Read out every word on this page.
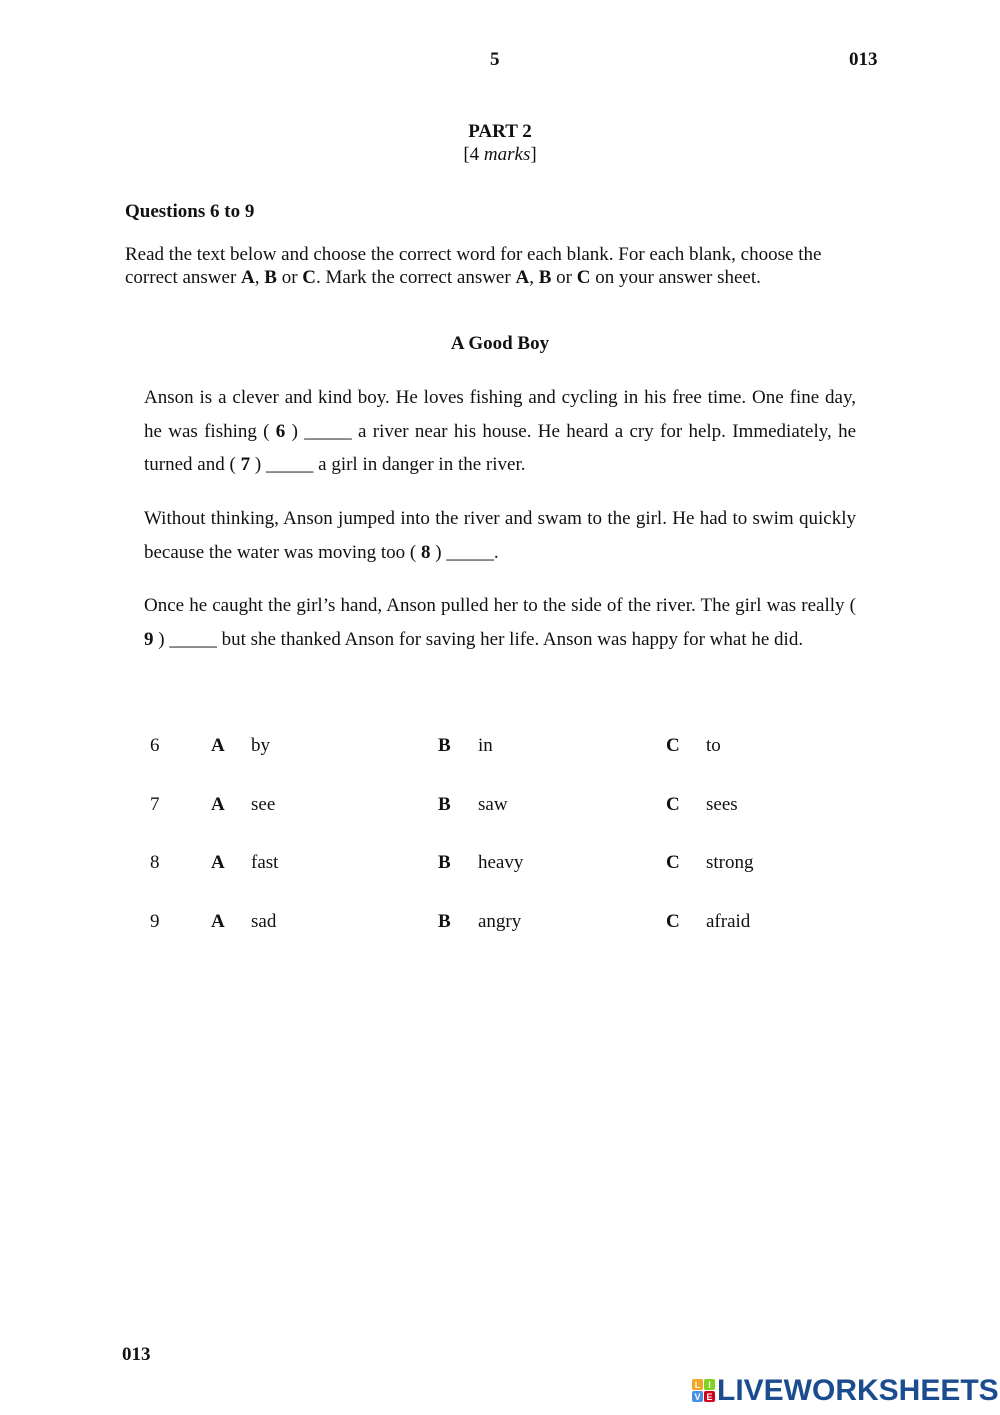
5	013
PART 2
[4 marks]
Questions 6 to 9
Read the text below and choose the correct word for each blank. For each blank, choose the correct answer A, B or C. Mark the correct answer A, B or C on your answer sheet.
A Good Boy
Anson is a clever and kind boy. He loves fishing and cycling in his free time. One fine day, he was fishing ( 6 ) _____ a river near his house. He heard a cry for help. Immediately, he turned and ( 7 ) _____ a girl in danger in the river.
Without thinking, Anson jumped into the river and swam to the girl. He had to swim quickly because the water was moving too ( 8 ) _____.
Once he caught the girl’s hand, Anson pulled her to the side of the river. The girl was really ( 9 ) _____ but she thanked Anson for saving her life. Anson was happy for what he did.
6	A by	B in	C to
7	A see	B saw	C sees
8	A fast	B heavy	C strong
9	A sad	B angry	C afraid
013
L I
V E LIVEWORKSHEETS
